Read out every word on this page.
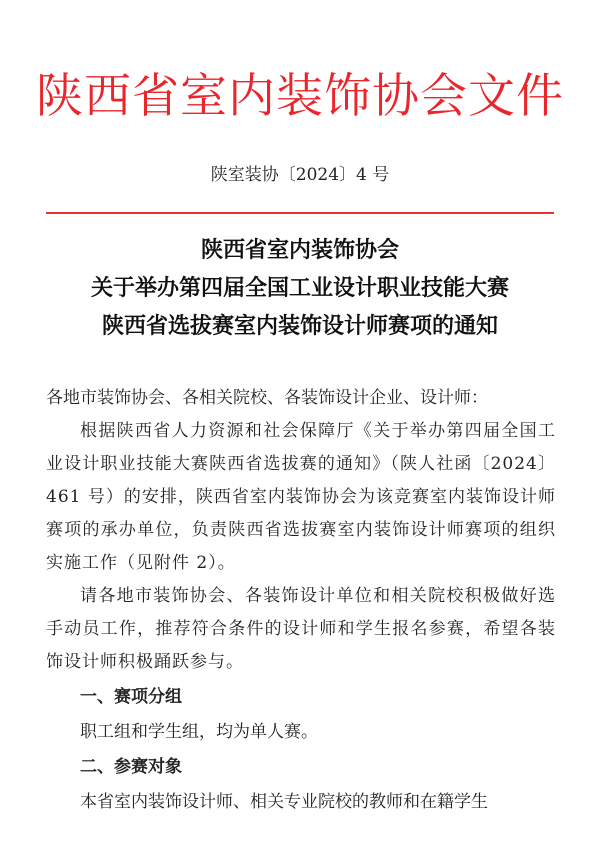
陕西省室内装饰协会文件
陕室装协〔2024〕4 号
陕西省室内装饰协会
关于举办第四届全国工业设计职业技能大赛
陕西省选拔赛室内装饰设计师赛项的通知

各地市装饰协会、各相关院校、各装饰设计企业、设计师：

根据陕西省人力资源和社会保障厅《关于举办第四届全国工业设计职业技能大赛陕西省选拔赛的通知》（陕人社函〔2024〕461 号）的安排，陕西省室内装饰协会为该竞赛室内装饰设计师赛项的承办单位，负责陕西省选拔赛室内装饰设计师赛项的组织实施工作（见附件 2）。

请各地市装饰协会、各装饰设计单位和相关院校积极做好选手动员工作，推荐符合条件的设计师和学生报名参赛，希望各装饰设计师积极踊跃参与。

一、赛项分组

职工组和学生组，均为单人赛。

二、参赛对象

本省室内装饰设计师、相关专业院校的教师和在籍学生
